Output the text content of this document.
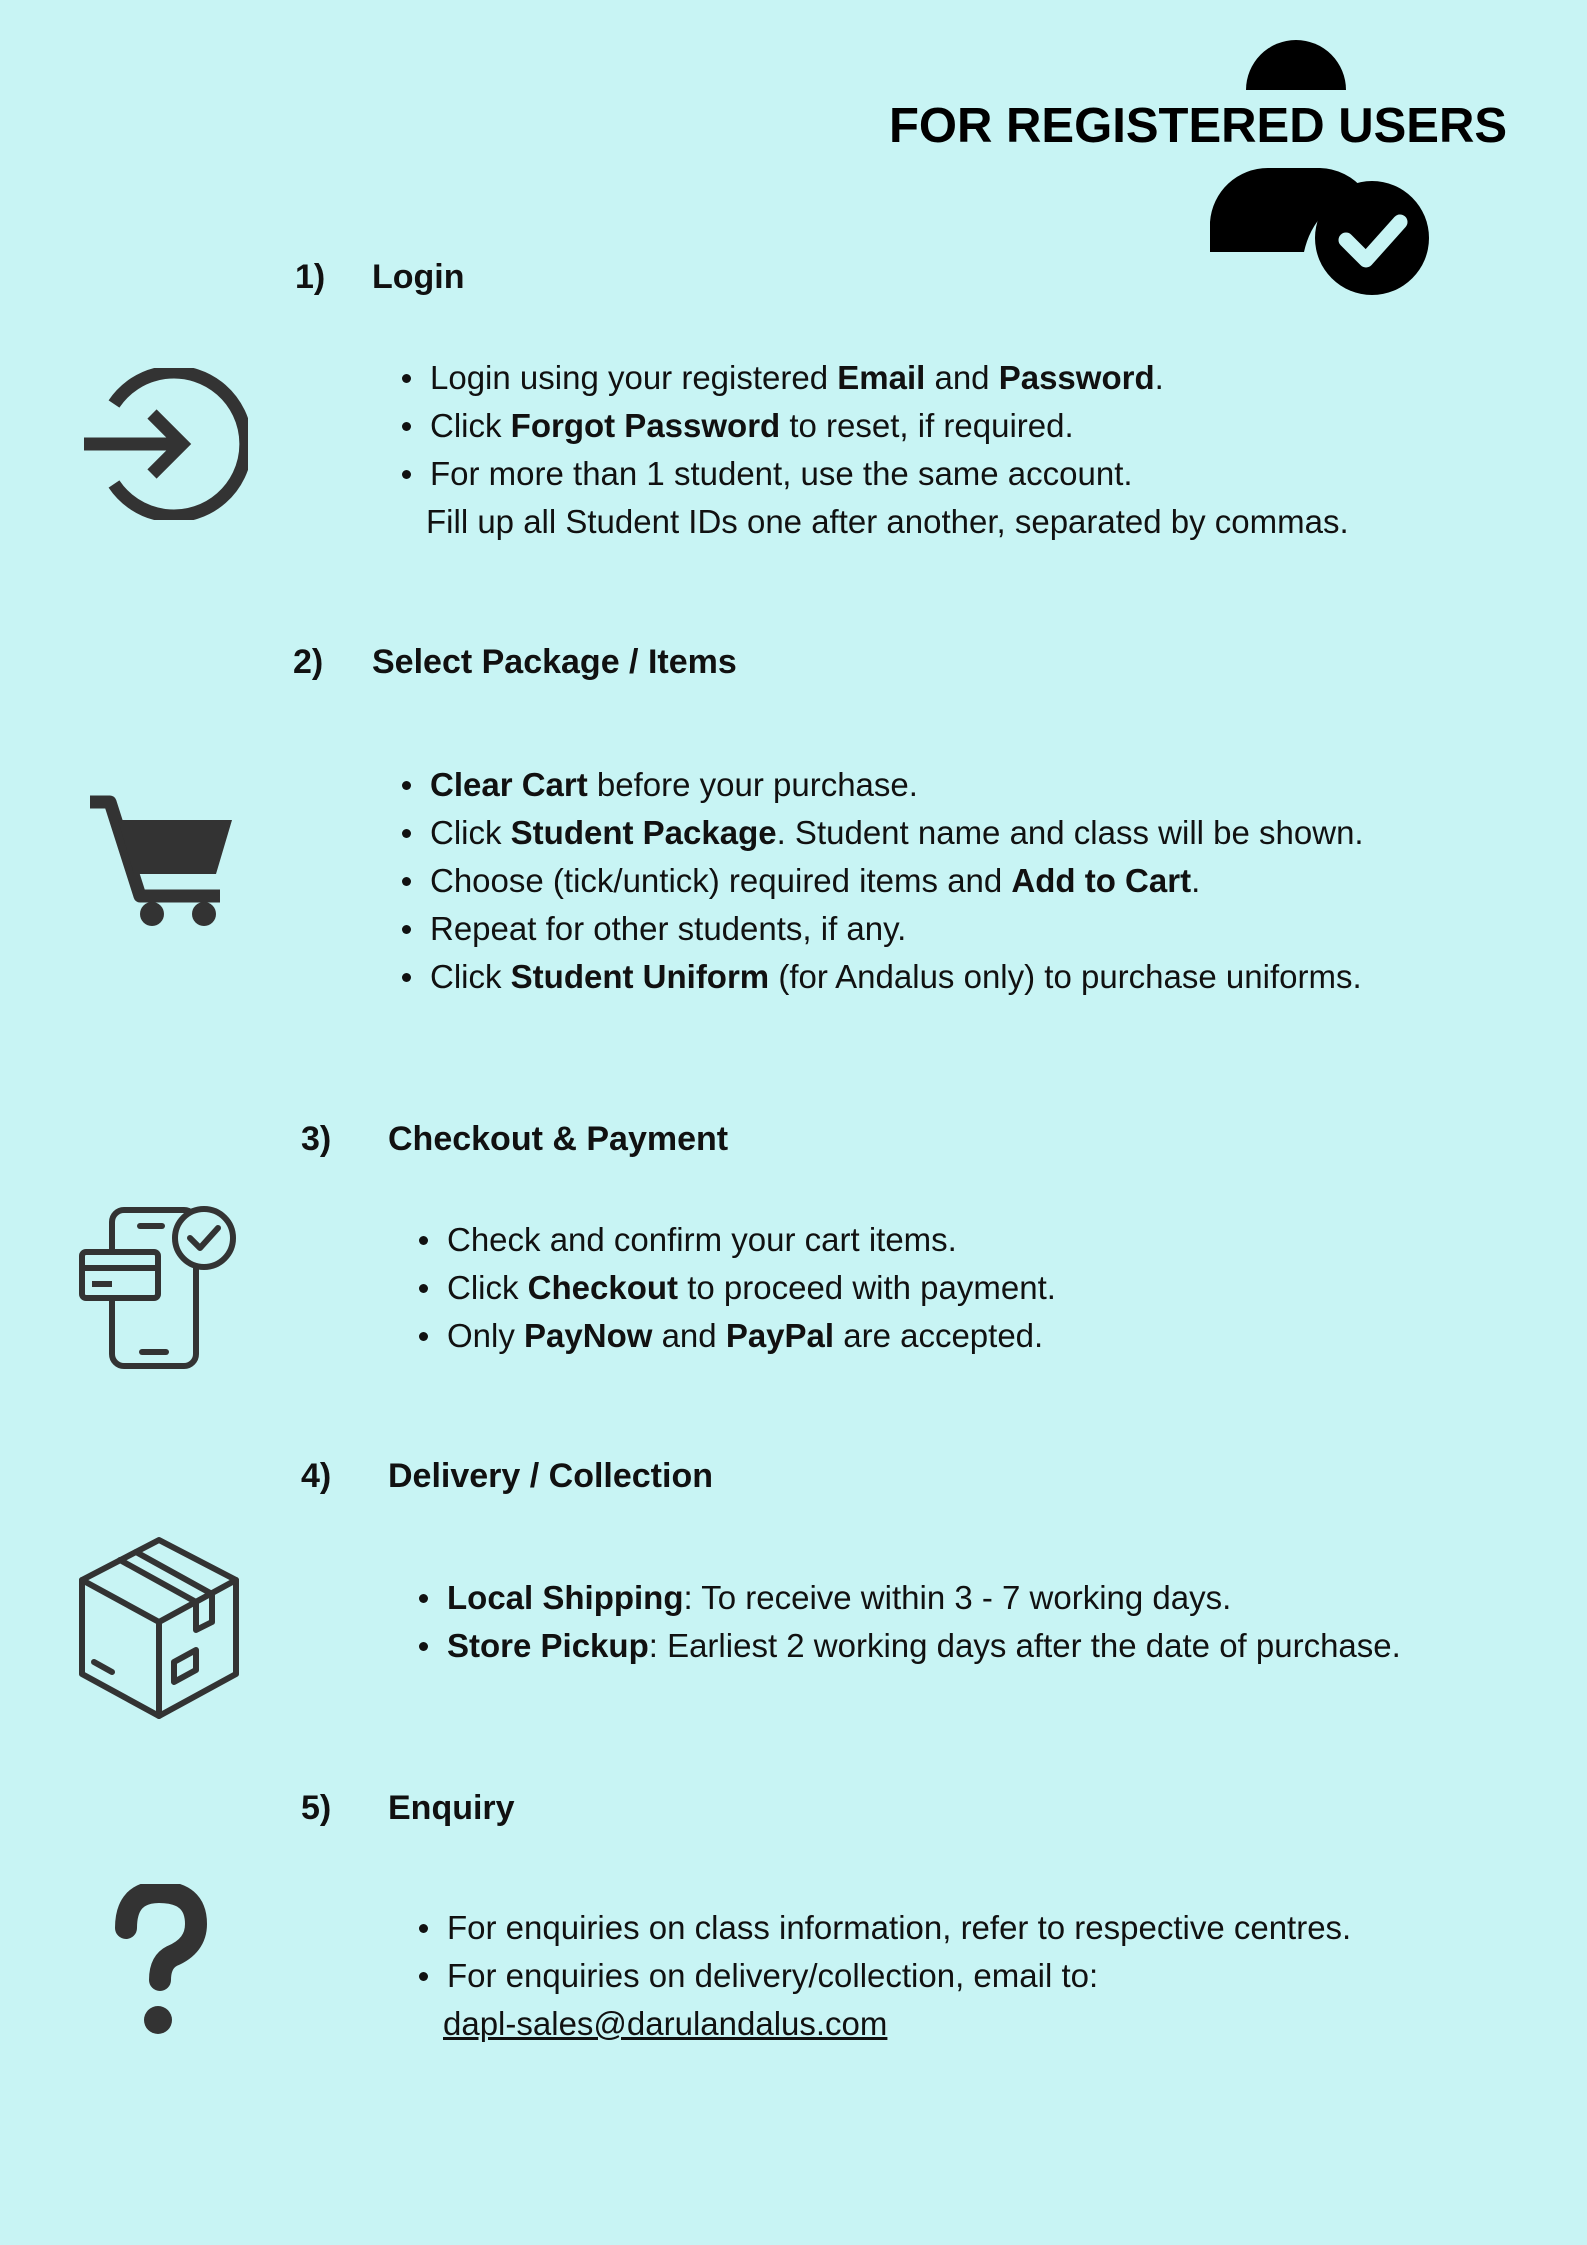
FOR REGISTERED USERS
1) Login
Login using your registered Email and Password.
Click Forgot Password to reset, if required.
For more than 1 student, use the same account.
Fill up all Student IDs one after another, separated by commas.
2) Select Package / Items
Clear Cart before your purchase.
Click Student Package. Student name and class will be shown.
Choose (tick/untick) required items and Add to Cart.
Repeat for other students, if any.
Click Student Uniform (for Andalus only) to purchase uniforms.
3) Checkout & Payment
Check and confirm your cart items.
Click Checkout to proceed with payment.
Only PayNow and PayPal are accepted.
4) Delivery / Collection
Local Shipping: To receive within 3 - 7 working days.
Store Pickup: Earliest 2 working days after the date of purchase.
5) Enquiry
For enquiries on class information, refer to respective centres.
For enquiries on delivery/collection, email to:
dapl-sales@darulandalus.com
